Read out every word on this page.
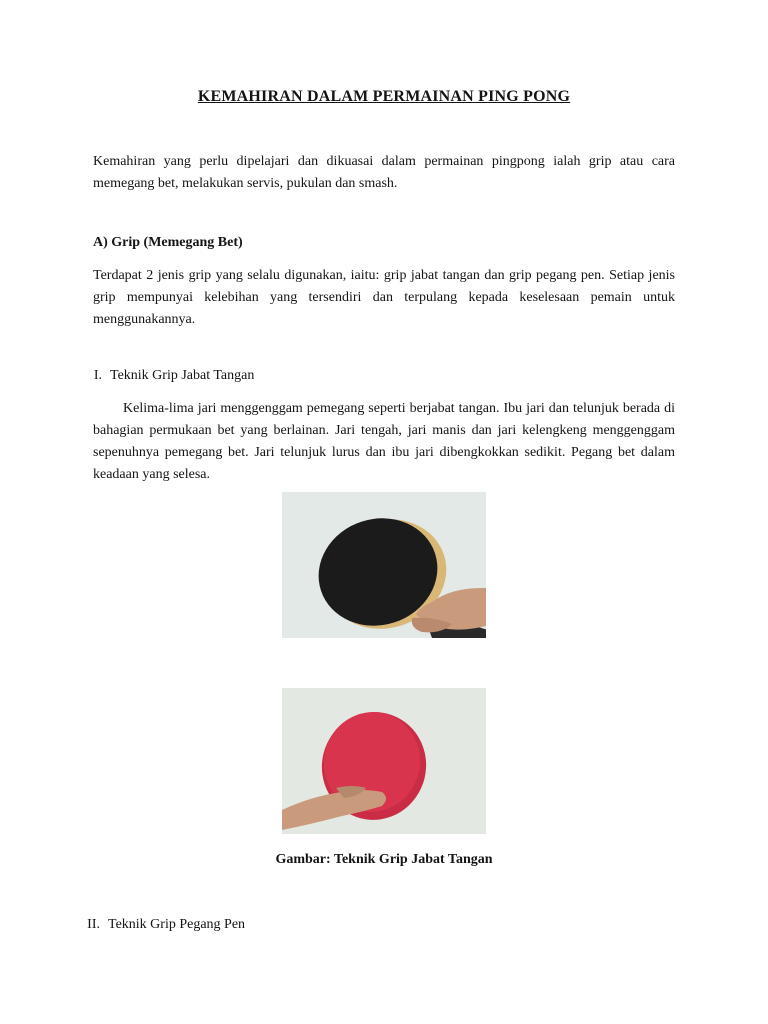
KEMAHIRAN DALAM PERMAINAN PING PONG

Kemahiran yang perlu dipelajari dan dikuasai dalam permainan pingpong ialah grip atau cara memegang bet, melakukan servis, pukulan dan smash.

A) Grip (Memegang Bet)

Terdapat 2 jenis grip yang selalu digunakan, iaitu: grip jabat tangan dan grip pegang pen. Setiap jenis grip mempunyai kelebihan yang tersendiri dan terpulang kepada keselesaan pemain untuk menggunakannya.

I. Teknik Grip Jabat Tangan

Kelima-lima jari menggenggam pemegang seperti berjabat tangan. Ibu jari dan telunjuk berada di bahagian permukaan bet yang berlainan. Jari tengah, jari manis dan jari kelengkeng menggenggam sepenuhnya pemegang bet. Jari telunjuk lurus dan ibu jari dibengkokkan sedikit. Pegang bet dalam keadaan yang selesa.

Gambar: Teknik Grip Jabat Tangan
II. Teknik Grip Pegang Pen
